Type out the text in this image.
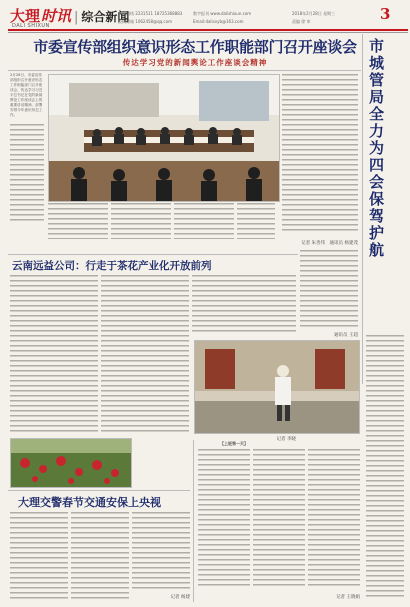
大理 时讯 | 综合新闻
DALI SHIXUN
新闻热线 2231511 18725368883
投稿邮箱 1062458@qq.com
数字报刊 www.dalishixun.com
Email:dalisxyb@163.com
2018年2月28日 星期三
责编 徐 审	3
市委宣传部组织意识形态工作职能部门召开座谈会
传达学习党的新闻舆论工作座谈会精神
2月26日，市委宣传部组织召开意识形态工作职能部门召开座谈会，传达学习习近平总书记在党的新闻舆论工作座谈会上的重要讲话精神，部署安排今年意识形态工作。
记者 朱善伟　通讯员 杨建茂 市城管局全力为四会保驾护航
通讯员 王超
云南远益公司：行走于茶花产业化开放前列
记者 李晓
大理交警春节交通安保上央视
记者 杨建
【上班第一天】
记者 王晓娟
